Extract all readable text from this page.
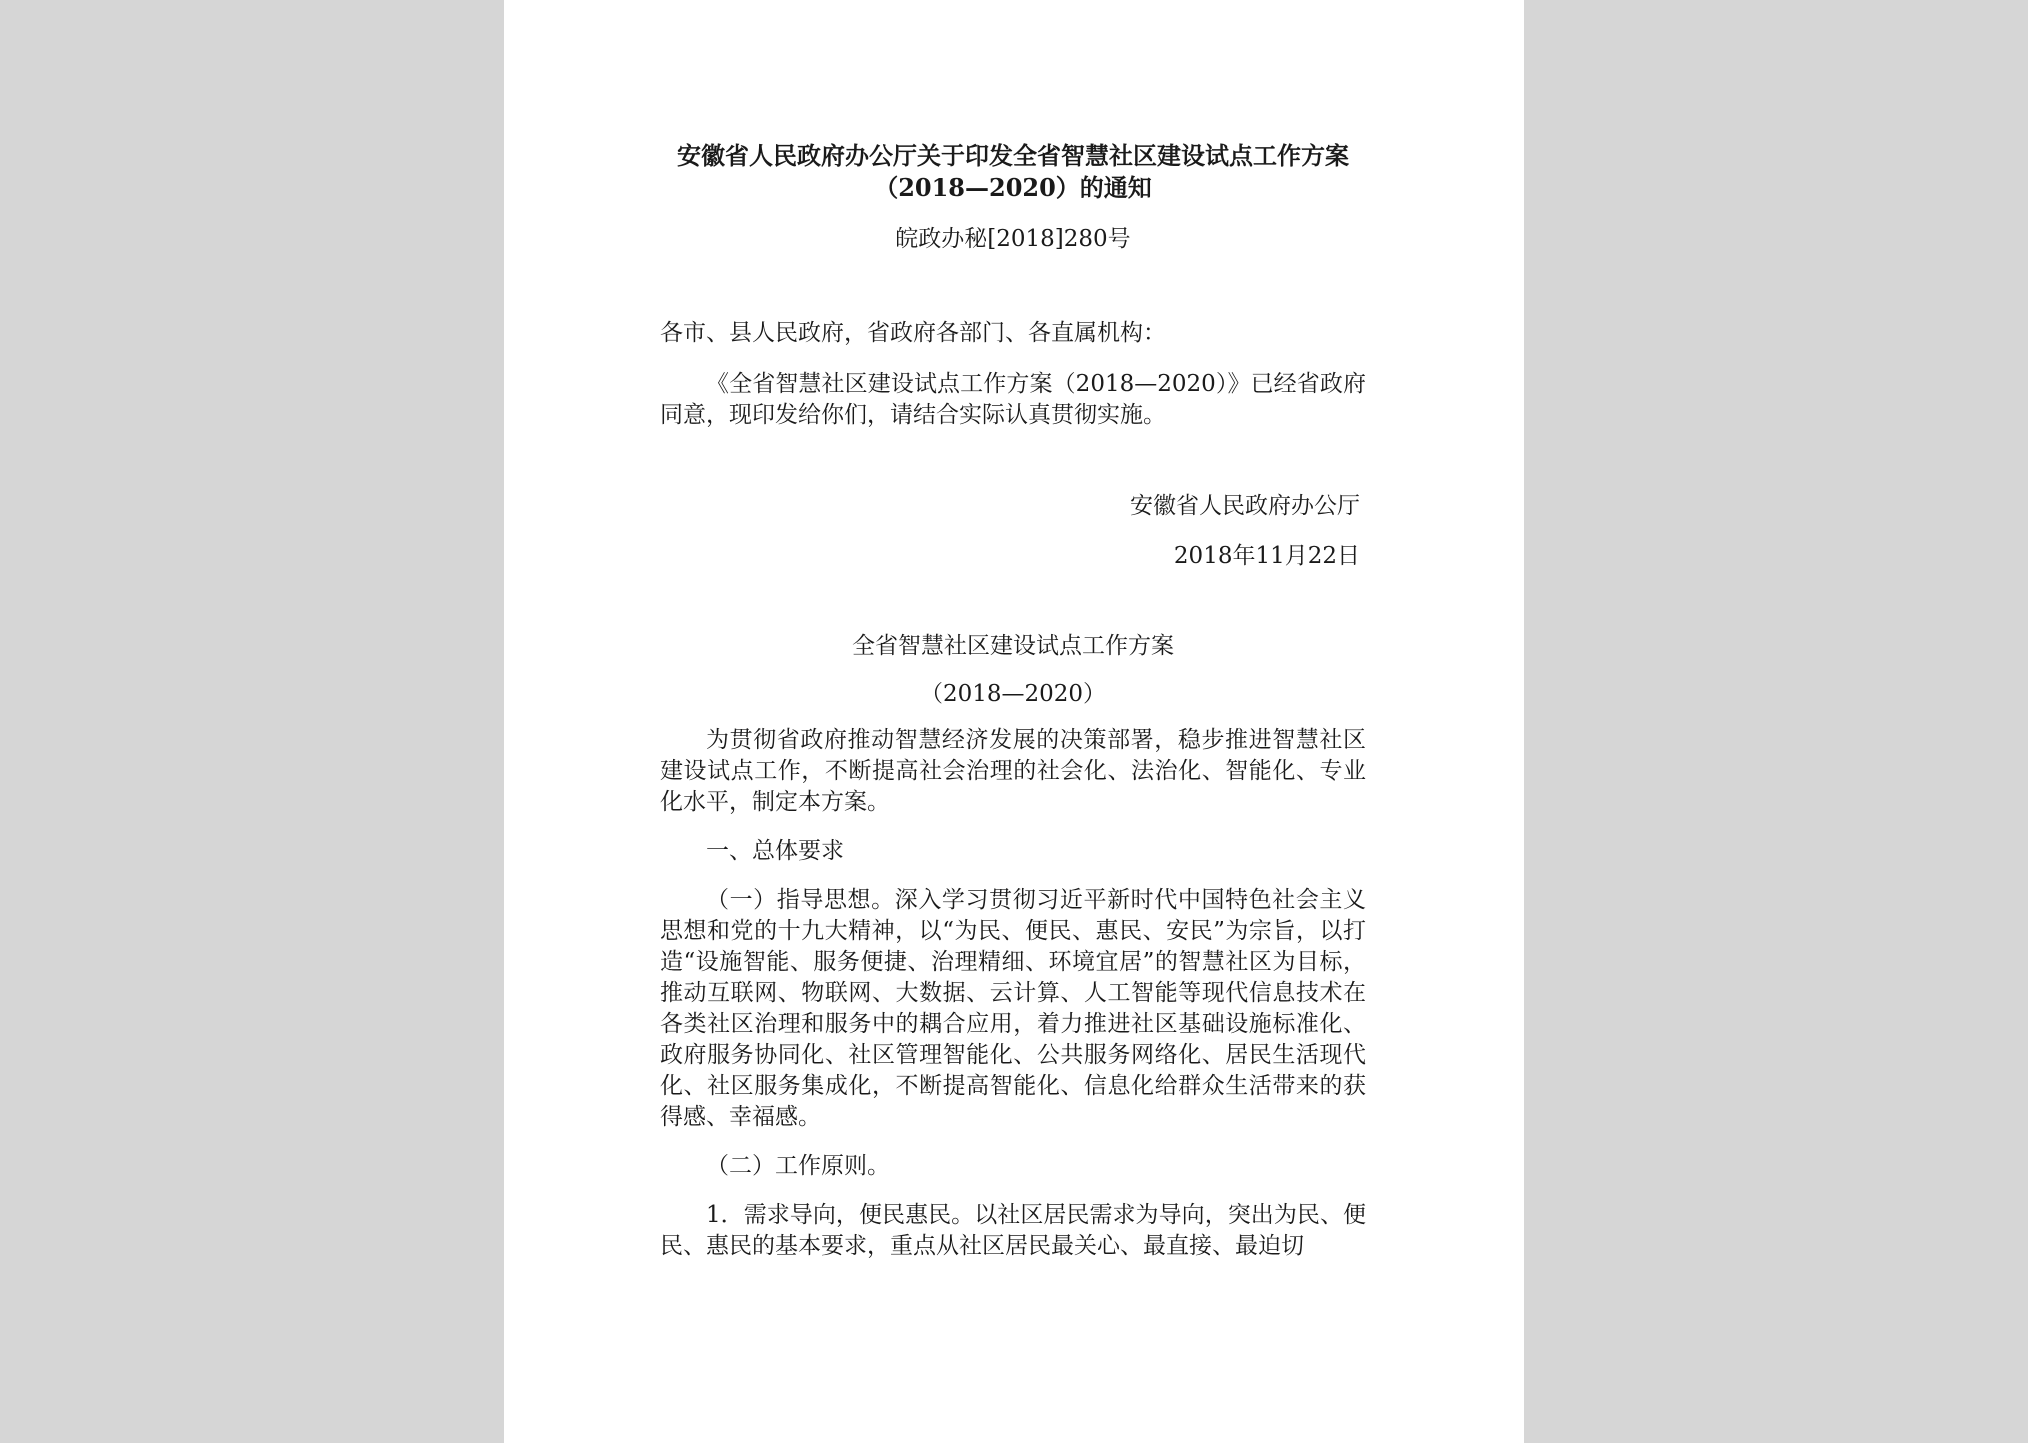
安徽省人民政府办公厅关于印发全省智慧社区建设试点工作方案

（2018—2020）的通知

皖政办秘[2018]280号

各市、县人民政府，省政府各部门、各直属机构：

《全省智慧社区建设试点工作方案（2018—2020）》已经省政府同意，现印发给你们，请结合实际认真贯彻实施。

安徽省人民政府办公厅

2018年11月22日

全省智慧社区建设试点工作方案

（2018—2020）

为贯彻省政府推动智慧经济发展的决策部署，稳步推进智慧社区建设试点工作，不断提高社会治理的社会化、法治化、智能化、专业化水平，制定本方案。

一、总体要求

（一）指导思想。深入学习贯彻习近平新时代中国特色社会主义思想和党的十九大精神，以“为民、便民、惠民、安民”为宗旨，以打造“设施智能、服务便捷、治理精细、环境宜居”的智慧社区为目标，推动互联网、物联网、大数据、云计算、人工智能等现代信息技术在各类社区治理和服务中的耦合应用，着力推进社区基础设施标准化、政府服务协同化、社区管理智能化、公共服务网络化、居民生活现代化、社区服务集成化，不断提高智能化、信息化给群众生活带来的获得感、幸福感。

（二）工作原则。

1．需求导向，便民惠民。以社区居民需求为导向，突出为民、便民、惠民的基本要求，重点从社区居民最关心、最直接、最迫切
